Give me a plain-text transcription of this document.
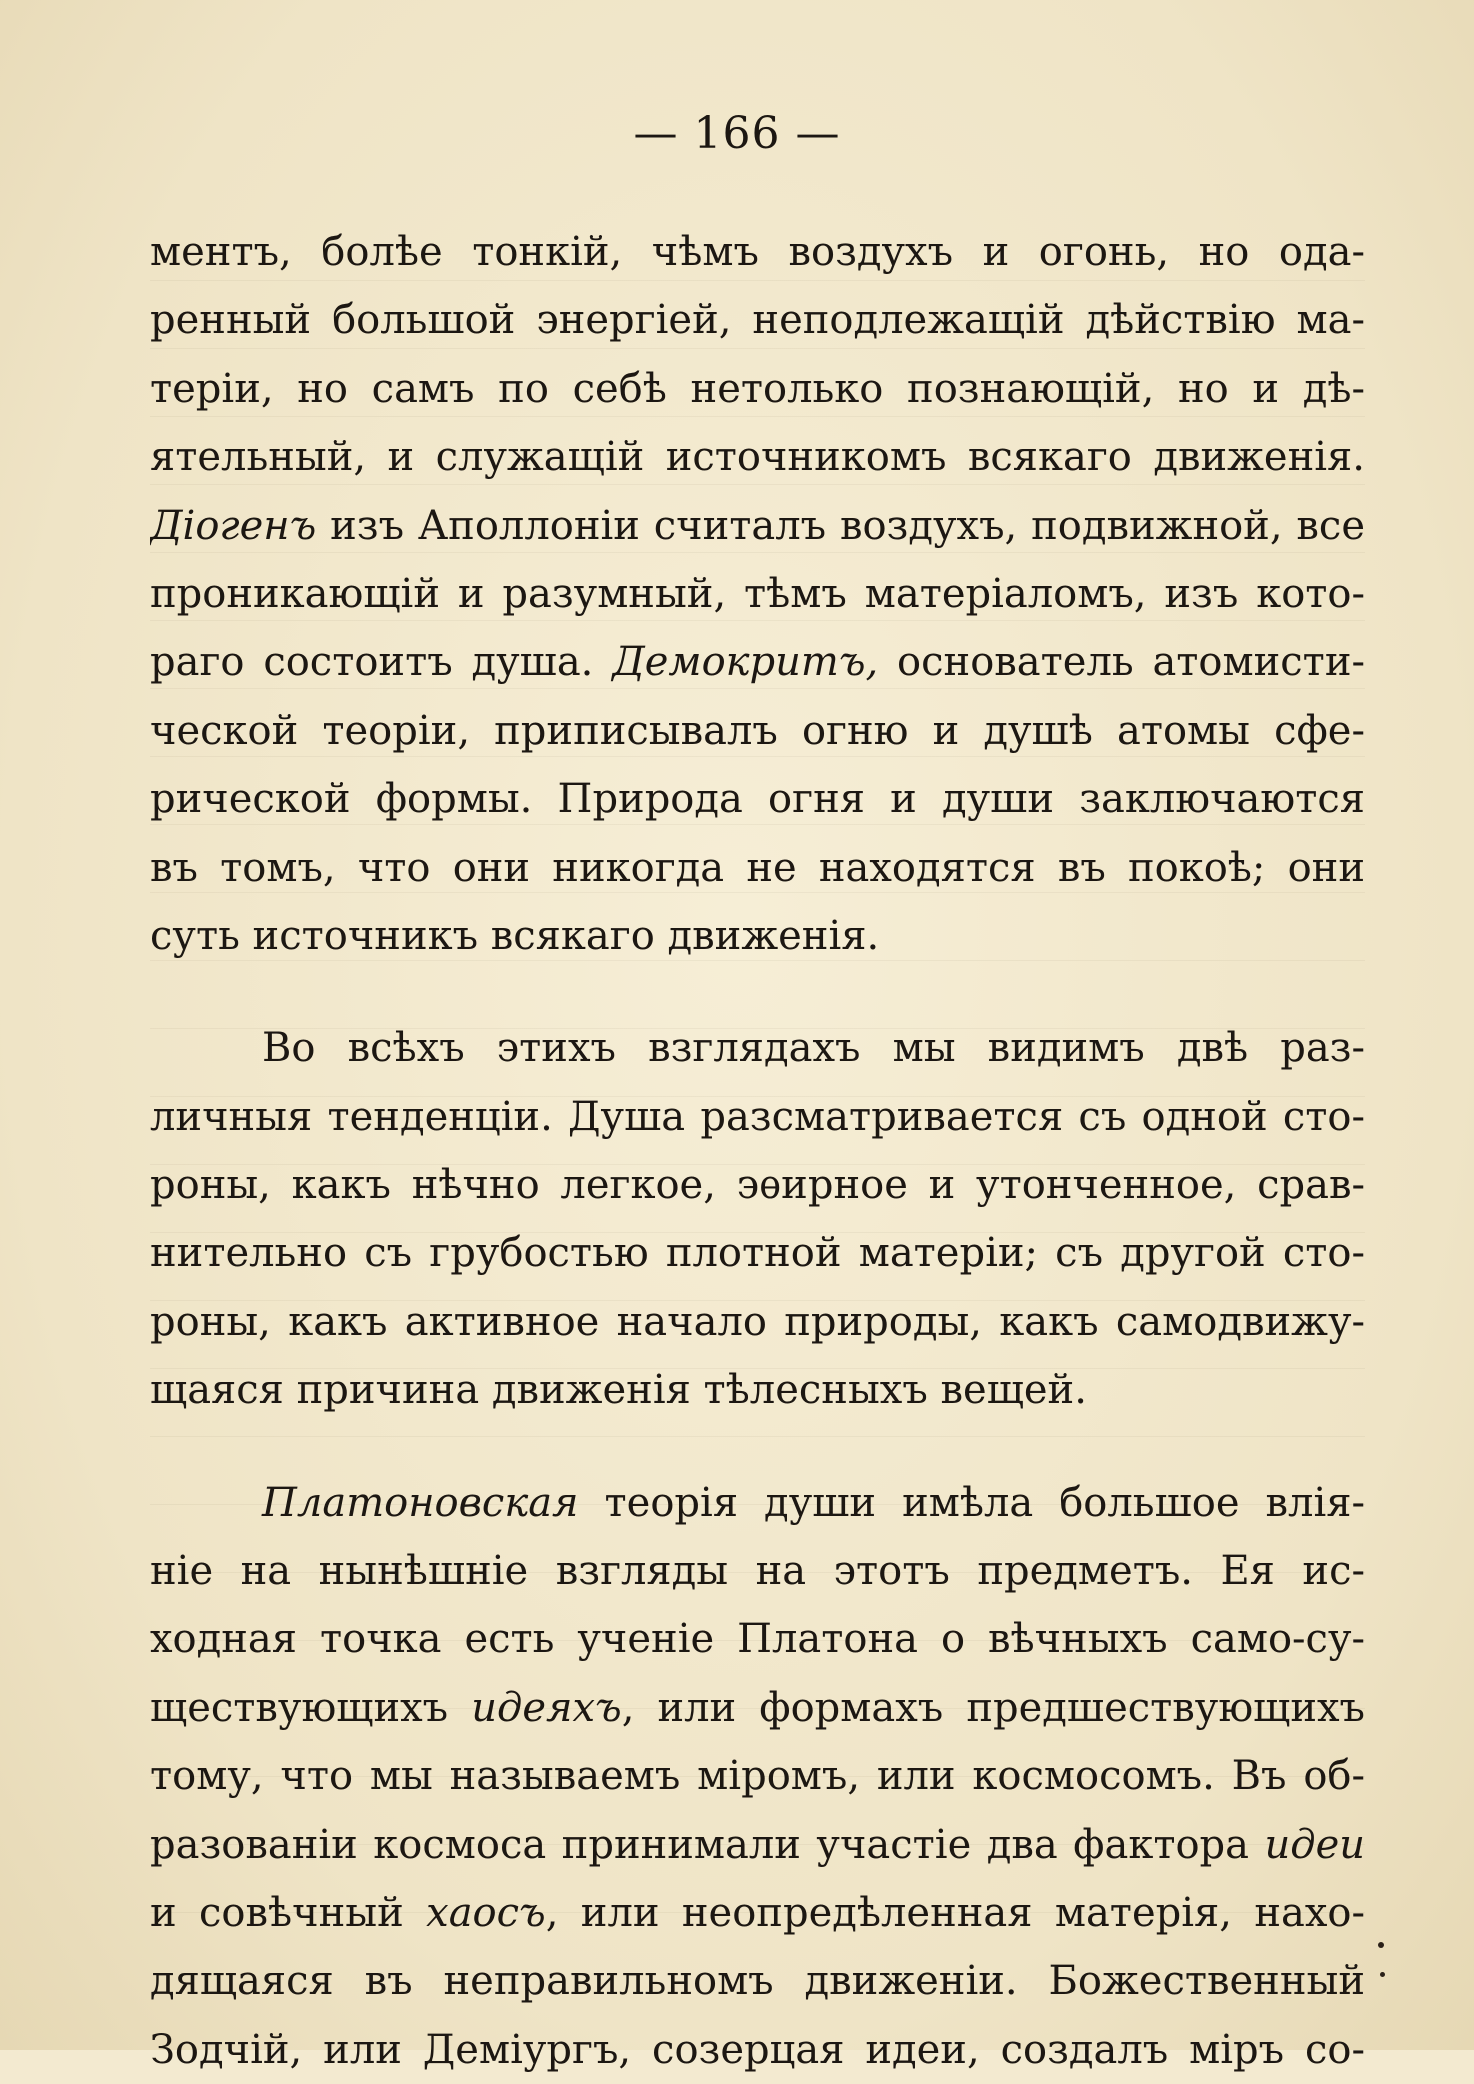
— 166 —
ментъ, болѣе тонкій, чѣмъ воздухъ и огонь, но ода-
ренный большой энергіей, неподлежащій дѣйствію ма-
теріи, но самъ по себѣ нетолько познающій, но и дѣ-
ятельный, и служащій источникомъ всякаго движенія.
Діогенъ изъ Аполлоніи считалъ воздухъ, подвижной, все
проникающій и разумный, тѣмъ матеріаломъ, изъ кото-
раго состоитъ душа. Демокритъ, основатель атомисти-
ческой теоріи, приписывалъ огню и душѣ атомы сфе-
рической формы. Природа огня и души заключаются
въ томъ, что они никогда не находятся въ покоѣ; они
суть источникъ всякаго движенія.
Во всѣхъ этихъ взглядахъ мы видимъ двѣ раз-
личныя тенденціи. Душа разсматривается съ одной сто-
роны, какъ нѣчно легкое, эѳирное и утонченное, срав-
нительно съ грубостью плотной матеріи; съ другой сто-
роны, какъ активное начало природы, какъ самодвижу-
щаяся причина движенія тѣлесныхъ вещей.
Платоновская теорія души имѣла большое влія-
ніе на нынѣшніе взгляды на этотъ предметъ. Ея ис-
ходная точка есть ученіе Платона о вѣчныхъ само-су-
ществующихъ идеяхъ, или формахъ предшествующихъ
тому, что мы называемъ міромъ, или космосомъ. Въ об-
разованіи космоса принимали участіе два фактора идеи
и совѣчный хаосъ, или неопредѣленная матерія, нахо-
дящаяся въ неправильномъ движеніи. Божественный
Зодчій, или Деміургъ, созерцая идеи, создалъ міръ со-
